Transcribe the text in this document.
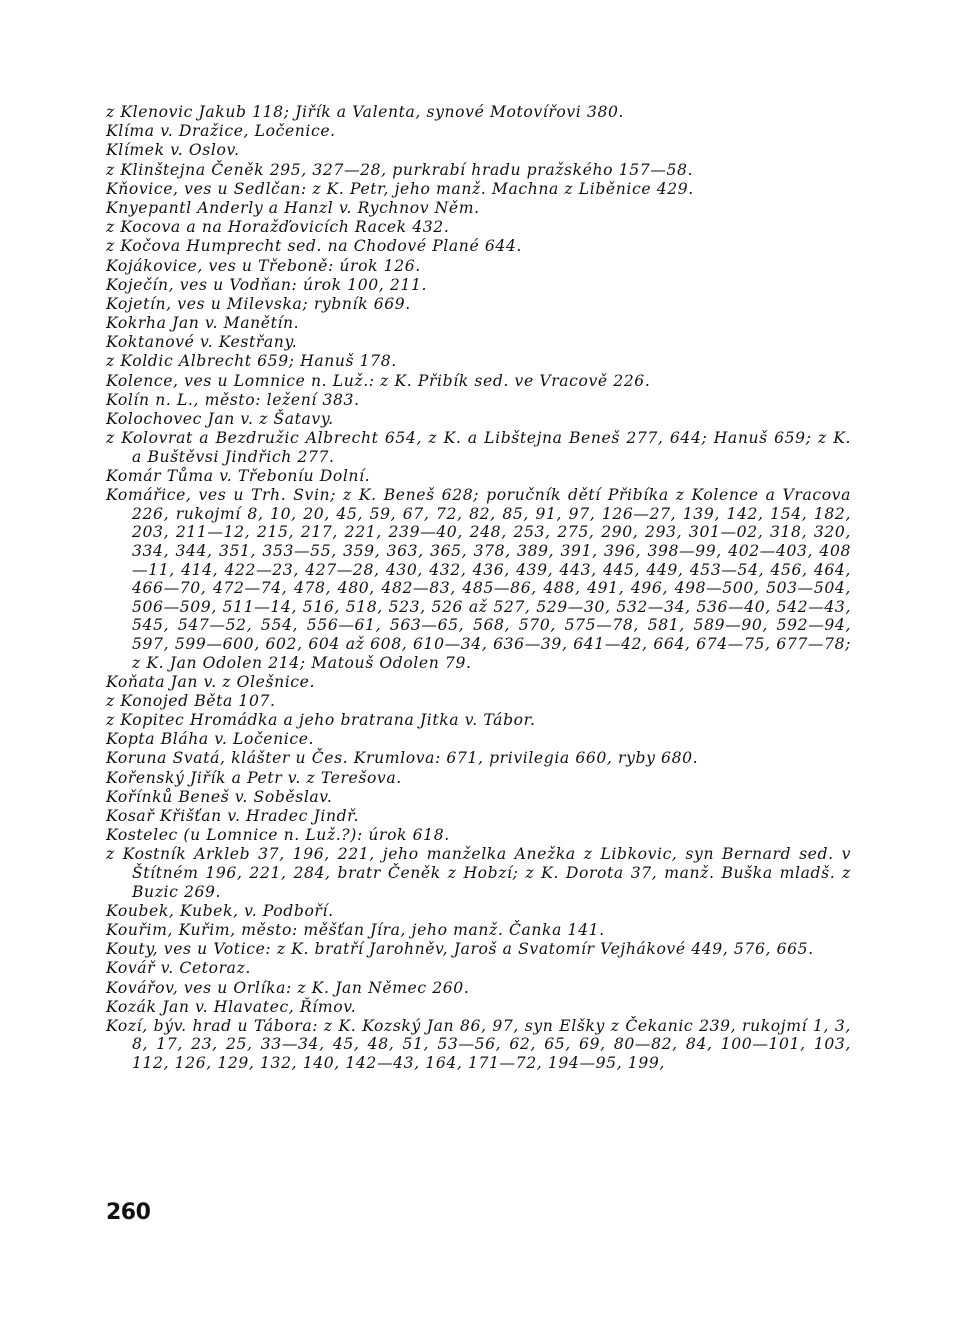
z Klenovic Jakub 118; Jiřík a Valenta, synové Motovířovi 380.
Klíma v. Dražice, Ločenice.
Klímek v. Oslov.
z Klinštejna Čeněk 295, 327—28, purkrabí hradu pražského 157—58.
Kňovice, ves u Sedlčan: z K. Petr, jeho manž. Machna z Liběnice 429.
Knyepantl Anderly a Hanzl v. Rychnov Něm.
z Kocova a na Horažďovicích Racek 432.
z Kočova Humprecht sed. na Chodové Plané 644.
Kojákovice, ves u Třeboně: úrok 126.
Koječín, ves u Vodňan: úrok 100, 211.
Kojetín, ves u Milevska; rybník 669.
Kokrha Jan v. Manětín.
Koktanové v. Kestřany.
z Koldic Albrecht 659; Hanuš 178.
Kolence, ves u Lomnice n. Luž.: z K. Přibík sed. ve Vracově 226.
Kolín n. L., město: ležení 383.
Kolochovec Jan v. z Šatavy.
z Kolovrat a Bezdružic Albrecht 654, z K. a Libštejna Beneš 277, 644; Hanuš 659; z K. a Buštěvsi Jindřich 277.
Komár Tůma v. Třeboníu Dolní.
Komářice, ves u Trh. Svin; z K. Beneš 628; poručník dětí Přibíka z Kolence a Vracova 226, rukojmí 8, 10, 20, 45, 59, 67, 72, 82, 85, 91, 97, 126—27, 139, 142, 154, 182, 203, 211—12, 215, 217, 221, 239—40, 248, 253, 275, 290, 293, 301—02, 318, 320, 334, 344, 351, 353—55, 359, 363, 365, 378, 389, 391, 396, 398—99, 402—403, 408—11, 414, 422—23, 427—28, 430, 432, 436, 439, 443, 445, 449, 453—54, 456, 464, 466—70, 472—74, 478, 480, 482—83, 485—86, 488, 491, 496, 498—500, 503—504, 506—509, 511—14, 516, 518, 523, 526 až 527, 529—30, 532—34, 536—40, 542—43, 545, 547—52, 554, 556—61, 563—65, 568, 570, 575—78, 581, 589—90, 592—94, 597, 599—600, 602, 604 až 608, 610—34, 636—39, 641—42, 664, 674—75, 677—78; z K. Jan Odolen 214; Matouš Odolen 79.
Koňata Jan v. z Olešnice.
z Konojed Běta 107.
z Kopitec Hromádka a jeho bratrana Jitka v. Tábor.
Kopta Bláha v. Ločenice.
Koruna Svatá, klášter u Čes. Krumlova: 671, privilegia 660, ryby 680.
Kořenský Jiřík a Petr v. z Terešova.
Kořínků Beneš v. Soběslav.
Kosař Křišťan v. Hradec Jindř.
Kostelec (u Lomnice n. Luž.?): úrok 618.
z Kostník Arkleb 37, 196, 221, jeho manželka Anežka z Libkovic, syn Bernard sed. v Štítném 196, 221, 284, bratr Čeněk z Hobzí; z K. Dorota 37, manž. Buška mladš. z Buzic 269.
Koubek, Kubek, v. Podboří.
Kouřim, Kuřim, město: měšťan Jíra, jeho manž. Čanka 141.
Kouty, ves u Votice: z K. bratří Jarohněv, Jaroš a Svatomír Vejhákové 449, 576, 665.
Kovář v. Cetoraz.
Kovářov, ves u Orlíka: z K. Jan Němec 260.
Kozák Jan v. Hlavatec, Římov.
Kozí, býv. hrad u Tábora: z K. Kozský Jan 86, 97, syn Elšky z Čekanic 239, rukojmí 1, 3, 8, 17, 23, 25, 33—34, 45, 48, 51, 53—56, 62, 65, 69, 80—82, 84, 100—101, 103, 112, 126, 129, 132, 140, 142—43, 164, 171—72, 194—95, 199,
260
